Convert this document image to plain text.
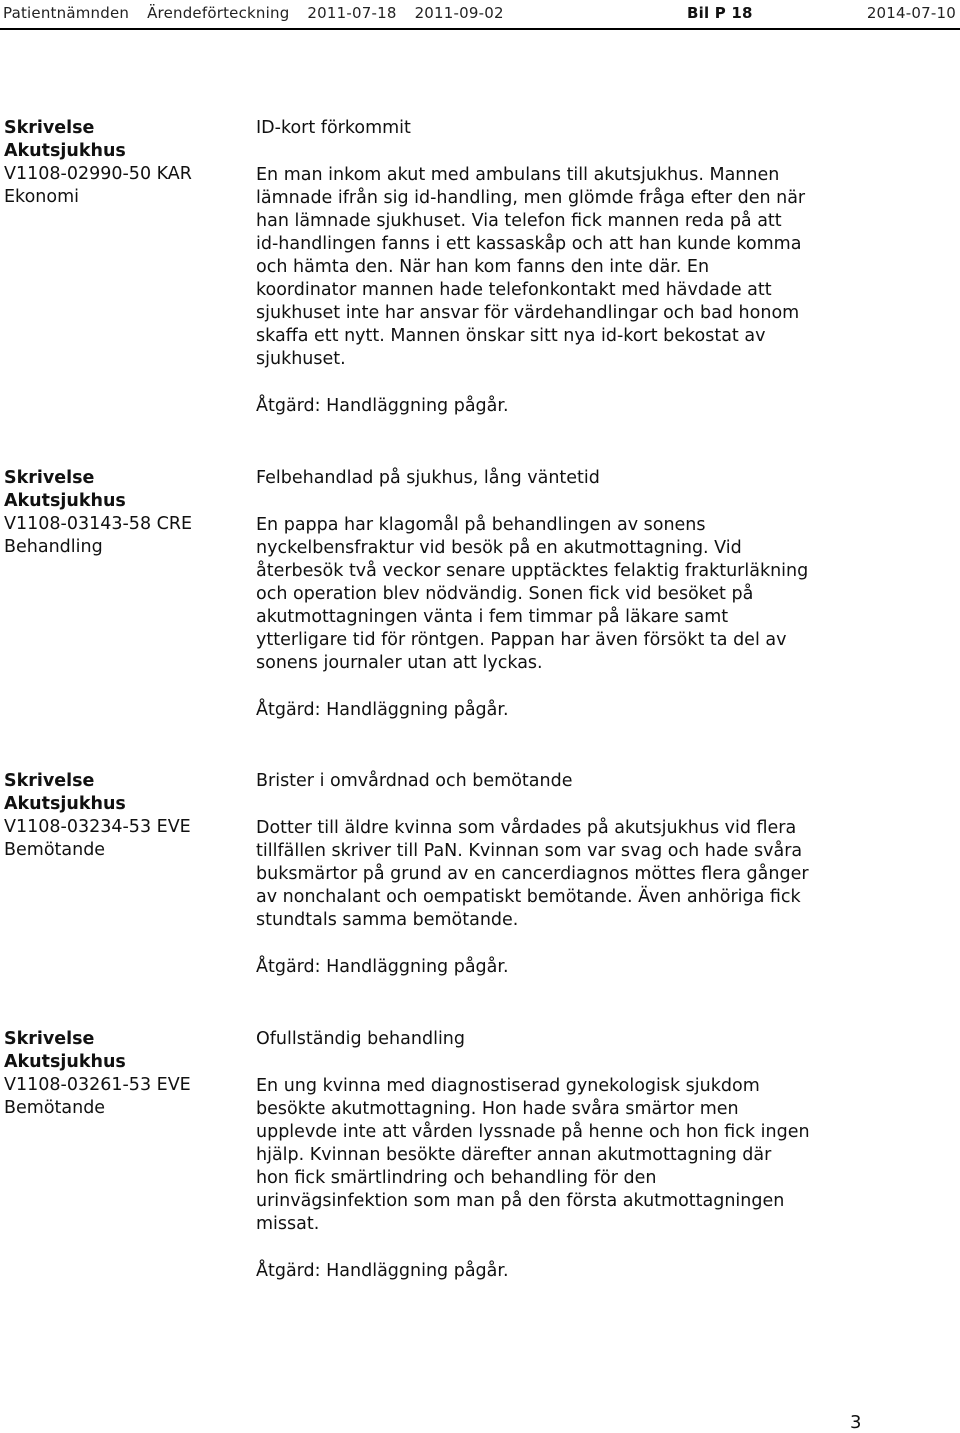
Patientnämnden Ärendeförteckning 2011-07-18 2011-09-02	Bil P 18	2014-07-10
Skrivelse
Akutsjukhus
V1108-02990-50 KAR
Ekonomi
ID-kort förkommit
En man inkom akut med ambulans till akutsjukhus. Mannen
lämnade ifrån sig id-handling, men glömde fråga efter den när
han lämnade sjukhuset. Via telefon fick mannen reda på att
id-handlingen fanns i ett kassaskåp och att han kunde komma
och hämta den. När han kom fanns den inte där. En
koordinator mannen hade telefonkontakt med hävdade att
sjukhuset inte har ansvar för värdehandlingar och bad honom
skaffa ett nytt. Mannen önskar sitt nya id-kort bekostat av
sjukhuset.
Åtgärd: Handläggning pågår.
Skrivelse
Akutsjukhus
V1108-03143-58 CRE
Behandling
Felbehandlad på sjukhus, lång väntetid
En pappa har klagomål på behandlingen av sonens
nyckelbensfraktur vid besök på en akutmottagning. Vid
återbesök två veckor senare upptäcktes felaktig frakturläkning
och operation blev nödvändig. Sonen fick vid besöket på
akutmottagningen vänta i fem timmar på läkare samt
ytterligare tid för röntgen. Pappan har även försökt ta del av
sonens journaler utan att lyckas.
Åtgärd: Handläggning pågår.
Skrivelse
Akutsjukhus
V1108-03234-53 EVE
Bemötande
Brister i omvårdnad och bemötande
Dotter till äldre kvinna som vårdades på akutsjukhus vid flera
tillfällen skriver till PaN. Kvinnan som var svag och hade svåra
buksmärtor på grund av en cancerdiagnos möttes flera gånger
av nonchalant och oempatiskt bemötande. Även anhöriga fick
stundtals samma bemötande.
Åtgärd: Handläggning pågår.
Skrivelse
Akutsjukhus
V1108-03261-53 EVE
Bemötande
Ofullständig behandling
En ung kvinna med diagnostiserad gynekologisk sjukdom
besökte akutmottagning. Hon hade svåra smärtor men
upplevde inte att vården lyssnade på henne och hon fick ingen
hjälp. Kvinnan besökte därefter annan akutmottagning där
hon fick smärtlindring och behandling för den
urinvägsinfektion som man på den första akutmottagningen
missat.
Åtgärd: Handläggning pågår.
3
